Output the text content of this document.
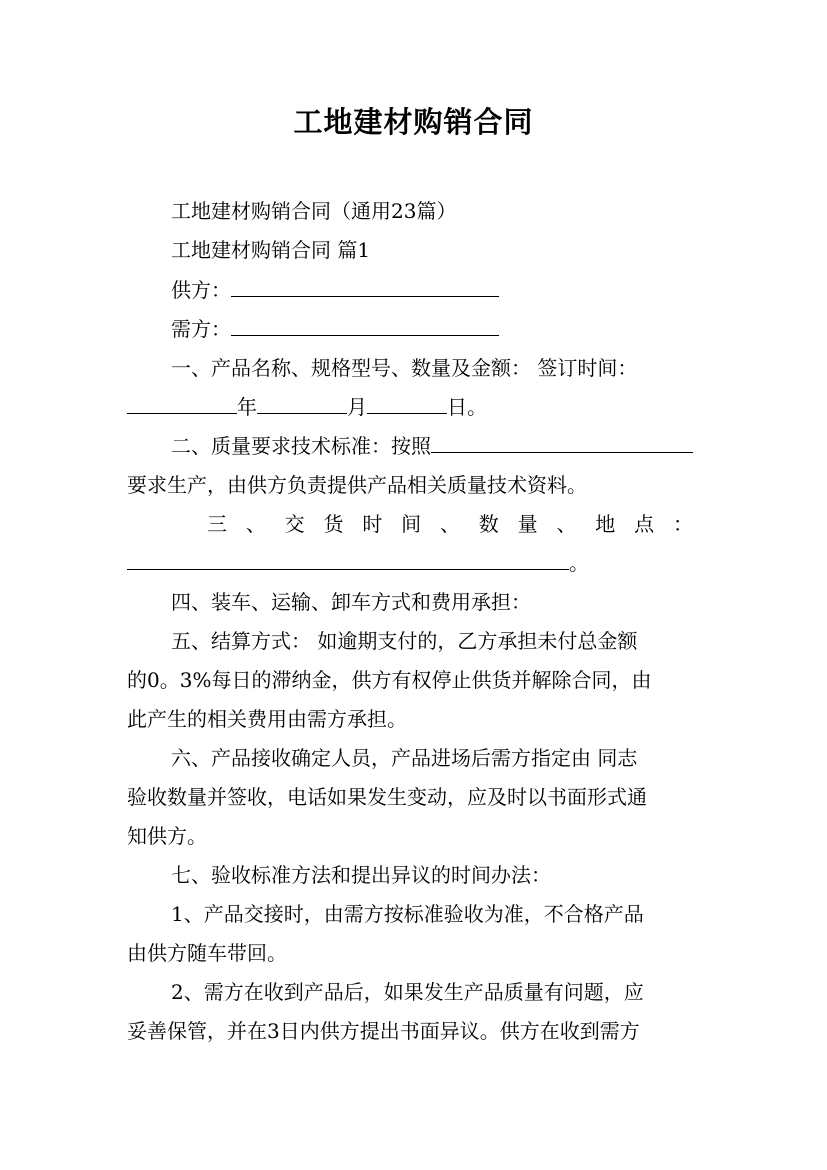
工地建材购销合同
工地建材购销合同（通用23篇）
工地建材购销合同 篇1
供方：
需方：
一、产品名称、规格型号、数量及金额： 签订时间：
年	月	日。
二、质量要求技术标准：按照
要求生产，由供方负责提供产品相关质量技术资料。
三 、 交 货 时 间 、 数 量 、 地 点 ：
。
四、装车、运输、卸车方式和费用承担：
五、结算方式： 如逾期支付的，乙方承担未付总金额
的0。3%每日的滞纳金，供方有权停止供货并解除合同，由
此产生的相关费用由需方承担。
六、产品接收确定人员，产品进场后需方指定由 同志
验收数量并签收，电话如果发生变动，应及时以书面形式通
知供方。
七、验收标准方法和提出异议的时间办法：
1、产品交接时，由需方按标准验收为准，不合格产品
由供方随车带回。
2、需方在收到产品后，如果发生产品质量有问题，应
妥善保管，并在3日内供方提出书面异议。供方在收到需方
